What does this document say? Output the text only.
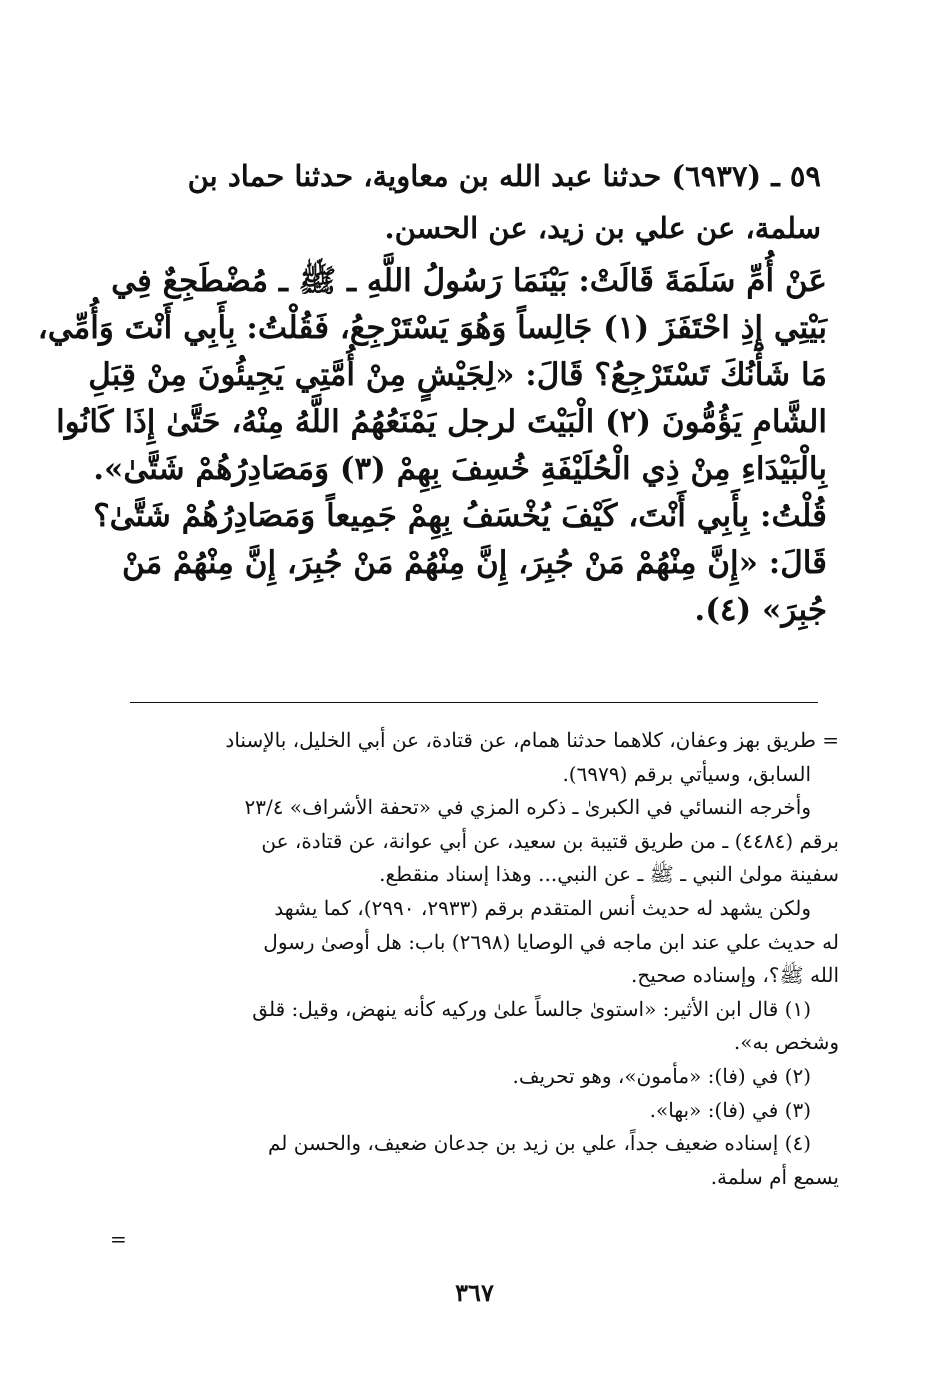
٥٩ ـ (٦٩٣٧) حدثنا عبد الله بن معاوية، حدثنا حماد بن
سلمة، عن علي بن زيد، عن الحسن.
عَنْ أُمِّ سَلَمَةَ قَالَتْ: بَيْنَمَا رَسُولُ اللَّهِ ـ ﷺ ـ مُضْطَجِعٌ فِي
بَيْتِي إِذِ احْتَفَزَ (١) جَالِساً وَهُوَ يَسْتَرْجِعُ، فَقُلْتُ: بِأَبِي أَنْتَ وَأُمِّي،
مَا شَأْنُكَ تَسْتَرْجِعُ؟ قَالَ: «لِجَيْشٍ مِنْ أُمَّتِي يَجِيئُونَ مِنْ قِبَلِ
الشَّامِ يَؤُمُّونَ (٢) الْبَيْتَ لرجل يَمْنَعُهُمُ اللَّهُ مِنْهُ، حَتَّىٰ إِذَا كَانُوا
بِالْبَيْدَاءِ مِنْ ذِي الْحُلَيْفَةِ خُسِفَ بِهِمْ (٣) وَمَصَادِرُهُمْ شَتَّىٰ».
قُلْتُ: بِأَبِي أَنْتَ، كَيْفَ يُخْسَفُ بِهِمْ جَمِيعاً وَمَصَادِرُهُمْ شَتَّىٰ؟
قَالَ: «إِنَّ مِنْهُمْ مَنْ جُبِرَ، إِنَّ مِنْهُمْ مَنْ جُبِرَ، إِنَّ مِنْهُمْ مَنْ
جُبِرَ» (٤).
= طريق بهز وعفان، كلاهما حدثنا همام، عن قتادة، عن أبي الخليل، بالإسناد
السابق، وسيأتي برقم (٦٩٧٩).
وأخرجه النسائي في الكبرىٰ ـ ذكره المزي في «تحفة الأشراف» ٢٣/٤
برقم (٤٤٨٤) ـ من طريق قتيبة بن سعيد، عن أبي عوانة، عن قتادة، عن
سفينة مولىٰ النبي ـ ﷺ ـ عن النبي... وهذا إسناد منقطع.
ولكن يشهد له حديث أنس المتقدم برقم (٢٩٣٣، ٢٩٩٠)، كما يشهد
له حديث علي عند ابن ماجه في الوصايا (٢٦٩٨) باب: هل أوصىٰ رسول
الله ﷺ؟، وإسناده صحيح.
(١) قال ابن الأثير: «استوىٰ جالساً علىٰ وركيه كأنه ينهض، وقيل: قلق
وشخص به».
(٢) في (فا): «مأمون»، وهو تحريف.
(٣) في (فا): «بها».
(٤) إسناده ضعيف جداً، علي بن زيد بن جدعان ضعيف، والحسن لم
يسمع أم سلمة.
=
٣٦٧
